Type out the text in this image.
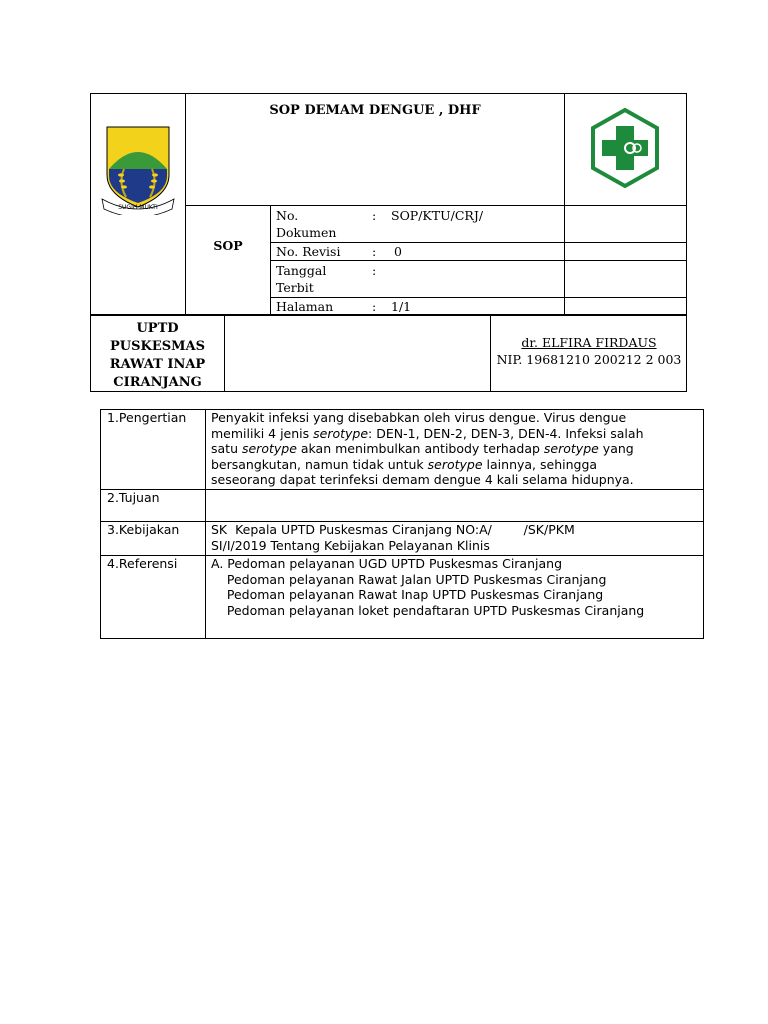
SUGIH MUKTI
SOP DEMAM DENGUE , DHF
SOP
No.
Dokumen
: SOP/KTU/CRJ/
No. Revisi	: 0
Tanggal
Terbit
:
Halaman	: 1/1
UPTD
PUSKESMAS
RAWAT INAP
CIRANJANG
dr. ELFIRA FIRDAUS
NIP. 19681210 200212 2 003
1.Pengertian
2.Tujuan
3.Kebijakan
4.Referensi
Penyakit infeksi yang disebabkan oleh virus dengue. Virus dengue
memiliki 4 jenis serotype: DEN-1, DEN-2, DEN-3, DEN-4. Infeksi salah
satu serotype akan menimbulkan antibody terhadap serotype yang
bersangkutan, namun tidak untuk serotype lainnya, sehingga
seseorang dapat terinfeksi demam dengue 4 kali selama hidupnya.
SK  Kepala UPTD Puskesmas Ciranjang NO:A/        /SK/PKM
SI/I/2019 Tentang Kebijakan Pelayanan Klinis
A. Pedoman pelayanan UGD UPTD Puskesmas Ciranjang
Pedoman pelayanan Rawat Jalan UPTD Puskesmas Ciranjang
Pedoman pelayanan Rawat Inap UPTD Puskesmas Ciranjang
Pedoman pelayanan loket pendaftaran UPTD Puskesmas Ciranjang
